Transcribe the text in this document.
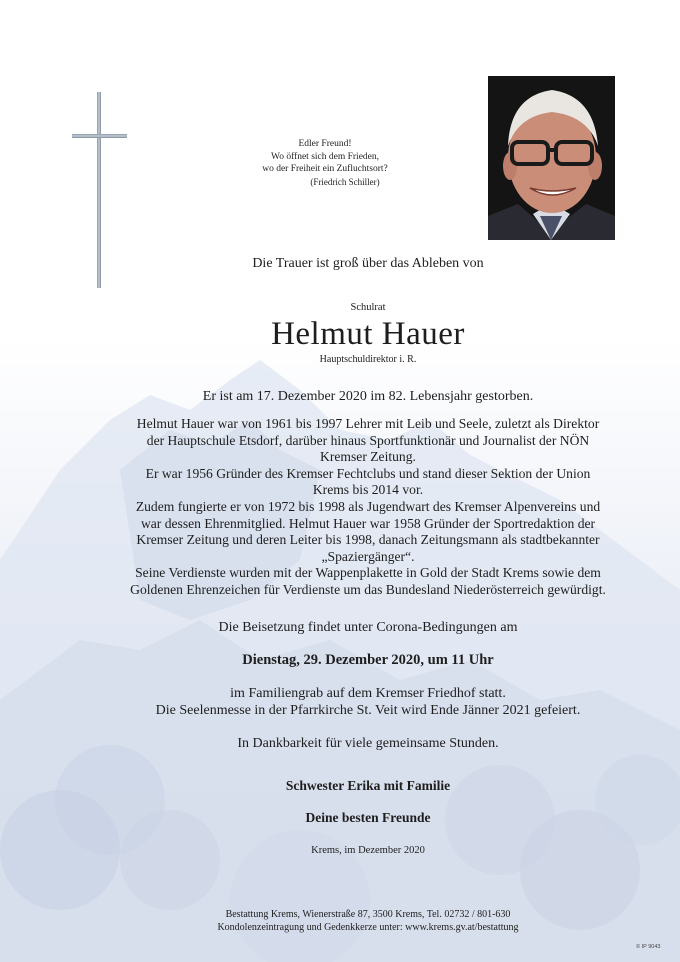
Edler Freund!
Wo öffnet sich dem Frieden,
wo der Freiheit ein Zufluchtsort?
(Friedrich Schiller)
Die Trauer ist groß über das Ableben von
Schulrat
Helmut Hauer
Hauptschuldirektor i. R.
Er ist am 17. Dezember 2020 im 82. Lebensjahr gestorben.
Helmut Hauer war von 1961 bis 1997 Lehrer mit Leib und Seele, zuletzt als Direktor
der Hauptschule Etsdorf, darüber hinaus Sportfunktionär und Journalist der NÖN
Kremser Zeitung.
Er war 1956 Gründer des Kremser Fechtclubs und stand dieser Sektion der Union
Krems bis 2014 vor.
Zudem fungierte er von 1972 bis 1998 als Jugendwart des Kremser Alpenvereins und
war dessen Ehrenmitglied. Helmut Hauer war 1958 Gründer der Sportredaktion der
Kremser Zeitung und deren Leiter bis 1998, danach Zeitungsmann als stadtbekannter
„Spaziergänger“.
Seine Verdienste wurden mit der Wappenplakette in Gold der Stadt Krems sowie dem
Goldenen Ehrenzeichen für Verdienste um das Bundesland Niederösterreich gewürdigt.
Die Beisetzung findet unter Corona-Bedingungen am
Dienstag, 29. Dezember 2020, um 11 Uhr
im Familiengrab auf dem Kremser Friedhof statt.
Die Seelenmesse in der Pfarrkirche St. Veit wird Ende Jänner 2021 gefeiert.
In Dankbarkeit für viele gemeinsame Stunden.
Schwester Erika mit Familie
Deine besten Freunde
Krems, im Dezember 2020
Bestattung Krems, Wienerstraße 87, 3500 Krems, Tel. 02732 / 801-630
Kondolenzeintragung und Gedenkkerze unter: www.krems.gv.at/bestattung
© IP 9043
